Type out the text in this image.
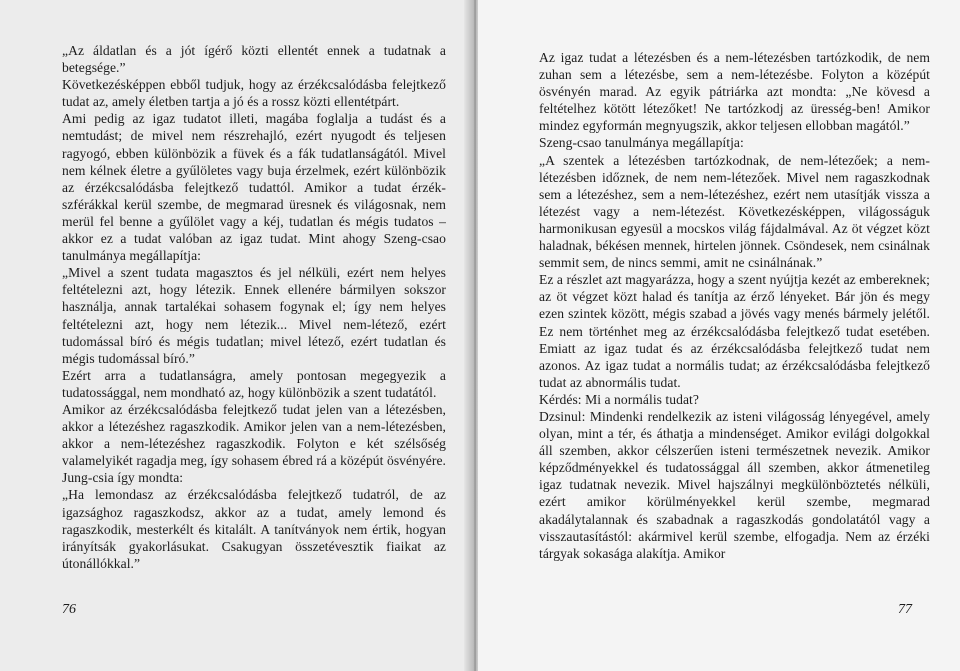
„Az áldatlan és a jót ígérő közti ellentét ennek a tudatnak a betegsége.”

Következésképpen ebből tudjuk, hogy az érzékcsalódásba felejtkező tudat az, amely életben tartja a jó és a rossz közti ellentétpárt.

Ami pedig az igaz tudatot illeti, magába foglalja a tudást és a nemtudást; de mivel nem részrehajló, ezért nyugodt és teljesen ragyogó, ebben különbözik a füvek és a fák tudatlanságától. Mivel nem kélnek életre a gyűlöletes vagy buja érzelmek, ezért különbözik az érzékcsalódásba felejtkező tudattól. Amikor a tudat érzék-szférákkal kerül szembe, de megmarad üresnek és világosnak, nem merül fel benne a gyűlölet vagy a kéj, tudatlan és mégis tudatos – akkor ez a tudat valóban az igaz tudat. Mint ahogy Szeng-csao tanulmánya megállapítja:

„Mivel a szent tudata magasztos és jel nélküli, ezért nem helyes feltételezni azt, hogy létezik. Ennek ellenére bármilyen sokszor használja, annak tartalékai sohasem fogynak el; így nem helyes feltételezni azt, hogy nem létezik... Mivel nem-létező, ezért tudomással bíró és mégis tudatlan; mivel létező, ezért tudatlan és mégis tudomással bíró.”

Ezért arra a tudatlanságra, amely pontosan megegyezik a tudatossággal, nem mondható az, hogy különbözik a szent tudatától.

Amikor az érzékcsalódásba felejtkező tudat jelen van a létezésben, akkor a létezéshez ragaszkodik. Amikor jelen van a nem-létezésben, akkor a nem-létezéshez ragaszkodik. Folyton e két szélsőség valamelyikét ragadja meg, így sohasem ébred rá a középút ösvényére. Jung-csia így mondta:

„Ha lemondasz az érzékcsalódásba felejtkező tudatról, de az igazsághoz ragaszkodsz, akkor az a tudat, amely lemond és ragaszkodik, mesterkélt és kitalált. A tanítványok nem értik, hogyan irányítsák gyakorlásukat. Csakugyan összetévesztik fiaikat az útonállókkal.”

76

Az igaz tudat a létezésben és a nem-létezésben tartózkodik, de nem zuhan sem a létezésbe, sem a nem-létezésbe. Folyton a középút ösvényén marad. Az egyik pátriárka azt mondta: „Ne kövesd a feltételhez kötött létezőket! Ne tartózkodj az üresség-ben! Amikor mindez egyformán megnyugszik, akkor teljesen ellobban magától.”

Szeng-csao tanulmánya megállapítja:

„A szentek a létezésben tartózkodnak, de nem-létezőek; a nem-létezésben időznek, de nem nem-létezőek. Mivel nem ragaszkodnak sem a létezéshez, sem a nem-létezéshez, ezért nem utasítják vissza a létezést vagy a nem-létezést. Következésképpen, világosságuk harmonikusan egyesül a mocskos világ fájdalmával. Az öt végzet közt haladnak, békésen mennek, hirtelen jönnek. Csöndesek, nem csinálnak semmit sem, de nincs semmi, amit ne csinálnának.”

Ez a részlet azt magyarázza, hogy a szent nyújtja kezét az embereknek; az öt végzet közt halad és tanítja az érző lényeket. Bár jön és megy ezen szintek között, mégis szabad a jövés vagy menés bármely jelétől. Ez nem történhet meg az érzékcsalódásba felejtkező tudat esetében. Emiatt az igaz tudat és az érzékcsalódásba felejtkező tudat nem azonos. Az igaz tudat a normális tudat; az érzékcsalódásba felejtkező tudat az abnormális tudat.

Kérdés: Mi a normális tudat?

Dzsinul: Mindenki rendelkezik az isteni világosság lényegével, amely olyan, mint a tér, és áthatja a mindenséget. Amikor evilági dolgokkal áll szemben, akkor célszerűen isteni természetnek nevezik. Amikor képződményekkel és tudatossággal áll szemben, akkor átmenetileg igaz tudatnak nevezik. Mivel hajszálnyi megkülönböztetés nélküli, ezért amikor körülményekkel kerül szembe, megmarad akadálytalannak és szabadnak a ragaszkodás gondolatától vagy a visszautasítástól: akármivel kerül szembe, elfogadja. Nem az érzéki tárgyak sokasága alakítja. Amikor

77
